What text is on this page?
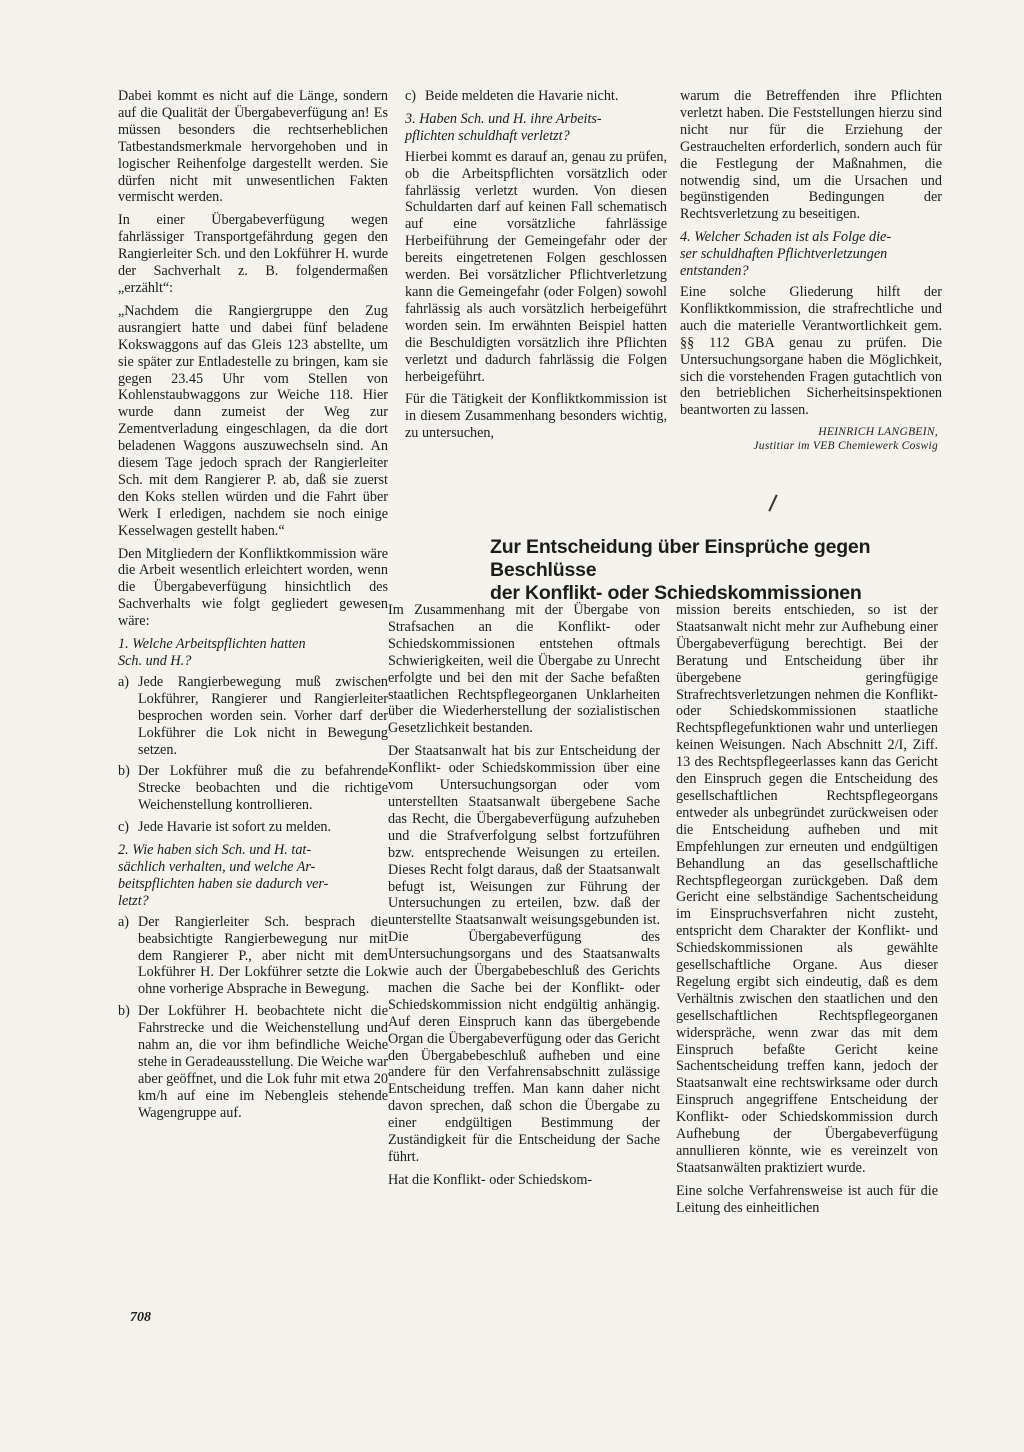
Dabei kommt es nicht auf die Länge, sondern auf die Qualität der Übergabeverfügung an! Es müssen besonders die rechtserheblichen Tatbestandsmerkmale hervorgehoben und in logischer Reihenfolge dargestellt werden. Sie dürfen nicht mit unwesentlichen Fakten vermischt werden.

In einer Übergabeverfügung wegen fahrlässiger Transportgefährdung gegen den Rangierleiter Sch. und den Lokführer H. wurde der Sachverhalt z. B. folgendermaßen „erzählt“:

„Nachdem die Rangiergruppe den Zug ausrangiert hatte und dabei fünf beladene Kokswaggons auf das Gleis 123 abstellte, um sie später zur Entladestelle zu bringen, kam sie gegen 23.45 Uhr vom Stellen von Kohlenstaubwaggons zur Weiche 118. Hier wurde dann zumeist der Weg zur Zementverladung eingeschlagen, da die dort beladenen Waggons auszuwechseln sind. An diesem Tage jedoch sprach der Rangierleiter Sch. mit dem Rangierer P. ab, daß sie zuerst den Koks stellen würden und die Fahrt über Werk I erledigen, nachdem sie noch einige Kesselwagen gestellt haben.“

Den Mitgliedern der Konfliktkommission wäre die Arbeit wesentlich erleichtert worden, wenn die Übergabeverfügung hinsichtlich des Sachverhalts wie folgt gegliedert gewesen wäre:

1. Welche Arbeitspflichten hatten
Sch. und H.?
a) Jede Rangierbewegung muß zwischen Lokführer, Rangierer und Rangierleiter besprochen worden sein. Vorher darf der Lokführer die Lok nicht in Bewegung setzen.
b) Der Lokführer muß die zu befahrende Strecke beobachten und die richtige Weichenstellung kontrollieren.
c) Jede Havarie ist sofort zu melden.
2. Wie haben sich Sch. und H. tat-
sächlich verhalten, und welche Ar-
beitspflichten haben sie dadurch ver-
letzt?
a) Der Rangierleiter Sch. besprach die beabsichtigte Rangierbewegung nur mit dem Rangierer P., aber nicht mit dem Lokführer H. Der Lokführer setzte die Lok ohne vorherige Absprache in Bewegung.
b) Der Lokführer H. beobachtete nicht die Fahrstrecke und die Weichenstellung und nahm an, die vor ihm befindliche Weiche stehe in Geradeausstellung. Die Weiche war aber geöffnet, und die Lok fuhr mit etwa 20 km/h auf eine im Nebengleis stehende Wagengruppe auf.
c) Beide meldeten die Havarie nicht.
3. Haben Sch. und H. ihre Arbeits-
pflichten schuldhaft verletzt?

Hierbei kommt es darauf an, genau zu prüfen, ob die Arbeitspflichten vorsätzlich oder fahrlässig verletzt wurden. Von diesen Schuldarten darf auf keinen Fall schematisch auf eine vorsätzliche fahrlässige Herbeiführung der Gemeingefahr oder der bereits eingetretenen Folgen geschlossen werden. Bei vorsätzlicher Pflichtverletzung kann die Gemeingefahr (oder Folgen) sowohl fahrlässig als auch vorsätzlich herbeigeführt worden sein. Im erwähnten Beispiel hatten die Beschuldigten vorsätzlich ihre Pflichten verletzt und dadurch fahrlässig die Folgen herbeigeführt.

Für die Tätigkeit der Konfliktkommission ist in diesem Zusammenhang besonders wichtig, zu untersuchen,

warum die Betreffenden ihre Pflichten verletzt haben. Die Feststellungen hierzu sind nicht nur für die Erziehung der Gestrauchelten erforderlich, sondern auch für die Festlegung der Maßnahmen, die notwendig sind, um die Ursachen und begünstigenden Bedingungen der Rechtsverletzung zu beseitigen.

4. Welcher Schaden ist als Folge die-
ser schuldhaften Pflichtverletzungen
entstanden?

Eine solche Gliederung hilft der Konfliktkommission, die strafrechtliche und auch die materielle Verantwortlichkeit gem. §§ 112 GBA genau zu prüfen. Die Untersuchungsorgane haben die Möglichkeit, sich die vorstehenden Fragen gutachtlich von den betrieblichen Sicherheitsinspektionen beantworten zu lassen.

HEINRICH LANGBEIN,
Justitiar im VEB Chemiewerk Coswig
Zur Entscheidung über Einsprüche gegen Beschlüsse
der Konflikt- oder Schiedskommissionen

Im Zusammenhang mit der Übergabe von Strafsachen an die Konflikt- oder Schiedskommissionen entstehen oftmals Schwierigkeiten, weil die Übergabe zu Unrecht erfolgte und bei den mit der Sache befaßten staatlichen Rechtspflegeorganen Unklarheiten über die Wiederherstellung der sozialistischen Gesetzlichkeit bestanden.

Der Staatsanwalt hat bis zur Entscheidung der Konflikt- oder Schiedskommission über eine vom Untersuchungsorgan oder vom unterstellten Staatsanwalt übergebene Sache das Recht, die Übergabeverfügung aufzuheben und die Strafverfolgung selbst fortzuführen bzw. entsprechende Weisungen zu erteilen. Dieses Recht folgt daraus, daß der Staatsanwalt befugt ist, Weisungen zur Führung der Untersuchungen zu erteilen, bzw. daß der unterstellte Staatsanwalt weisungsgebunden ist. Die Übergabeverfügung des Untersuchungsorgans und des Staatsanwalts wie auch der Übergabebeschluß des Gerichts machen die Sache bei der Konflikt- oder Schiedskommission nicht endgültig anhängig. Auf deren Einspruch kann das übergebende Organ die Übergabeverfügung oder das Gericht den Übergabebeschluß aufheben und eine andere für den Verfahrensabschnitt zulässige Entscheidung treffen. Man kann daher nicht davon sprechen, daß schon die Übergabe zu einer endgültigen Bestimmung der Zuständigkeit für die Entscheidung der Sache führt.

Hat die Konflikt- oder Schiedskom-

mission bereits entschieden, so ist der Staatsanwalt nicht mehr zur Aufhebung einer Übergabeverfügung berechtigt. Bei der Beratung und Entscheidung über ihr übergebene geringfügige Strafrechtsverletzungen nehmen die Konflikt- oder Schiedskommissionen staatliche Rechtspflegefunktionen wahr und unterliegen keinen Weisungen. Nach Abschnitt 2/I, Ziff. 13 des Rechtspflegeerlasses kann das Gericht den Einspruch gegen die Entscheidung des gesellschaftlichen Rechtspflegeorgans entweder als unbegründet zurückweisen oder die Entscheidung aufheben und mit Empfehlungen zur erneuten und endgültigen Behandlung an das gesellschaftliche Rechtspflegeorgan zurückgeben. Daß dem Gericht eine selbständige Sachentscheidung im Einspruchsverfahren nicht zusteht, entspricht dem Charakter der Konflikt- und Schiedskommissionen als gewählte gesellschaftliche Organe. Aus dieser Regelung ergibt sich eindeutig, daß es dem Verhältnis zwischen den staatlichen und den gesellschaftlichen Rechtspflegeorganen widerspräche, wenn zwar das mit dem Einspruch befaßte Gericht keine Sachentscheidung treffen kann, jedoch der Staatsanwalt eine rechtswirksame oder durch Einspruch angegriffene Entscheidung der Konflikt- oder Schiedskommission durch Aufhebung der Übergabeverfügung annullieren könnte, wie es vereinzelt von Staatsanwälten praktiziert wurde.

Eine solche Verfahrensweise ist auch für die Leitung des einheitlichen

708
